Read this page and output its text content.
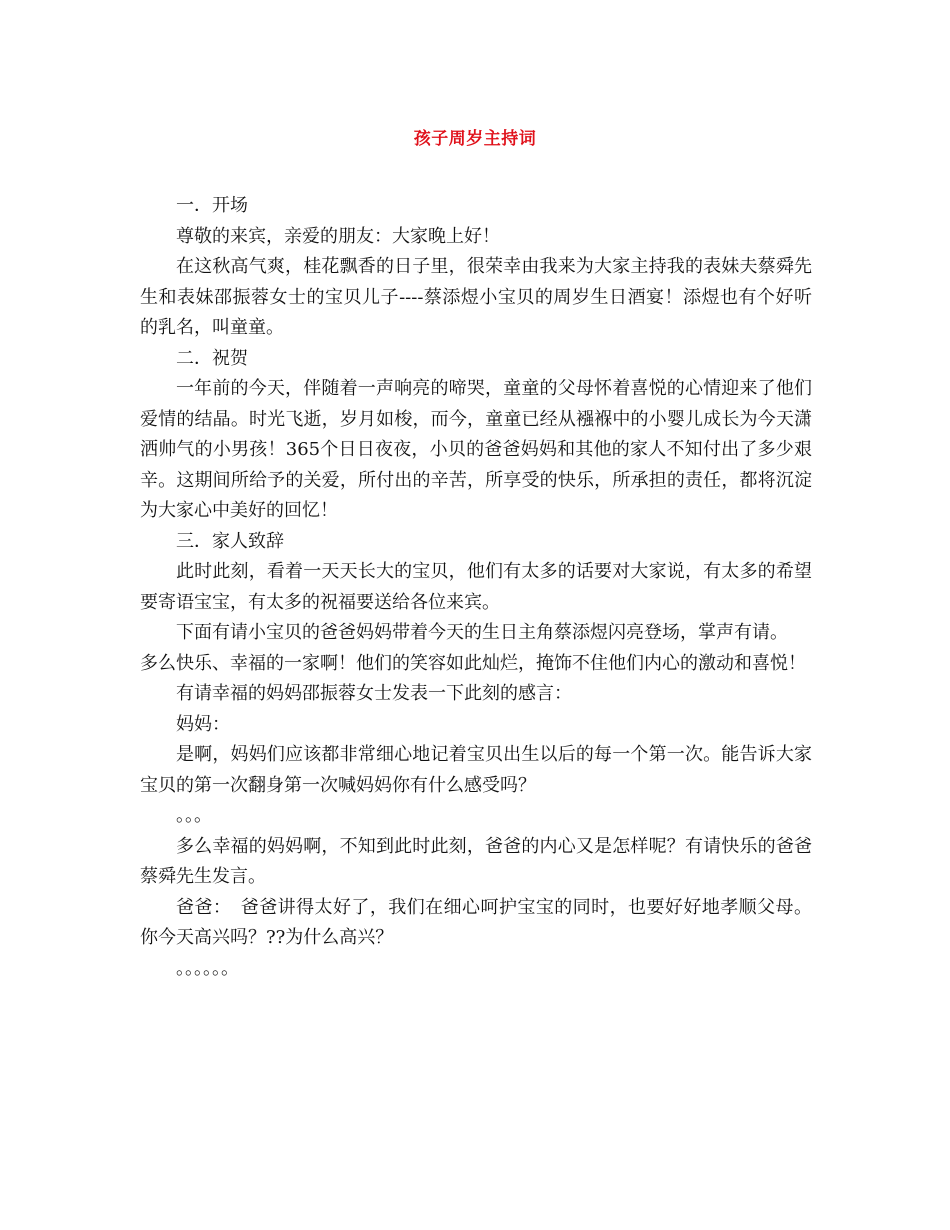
孩子周岁主持词

一．开场

尊敬的来宾，亲爱的朋友：大家晚上好！

在这秋高气爽，桂花飘香的日子里，很荣幸由我来为大家主持我的表妹夫蔡舜先生和表妹邵振蓉女士的宝贝儿子----蔡添煜小宝贝的周岁生日酒宴！添煜也有个好听的乳名，叫童童。

二．祝贺

一年前的今天，伴随着一声响亮的啼哭，童童的父母怀着喜悦的心情迎来了他们爱情的结晶。时光飞逝，岁月如梭，而今，童童已经从襁褓中的小婴儿成长为今天潇洒帅气的小男孩！365个日日夜夜，小贝的爸爸妈妈和其他的家人不知付出了多少艰辛。这期间所给予的关爱，所付出的辛苦，所享受的快乐，所承担的责任，都将沉淀为大家心中美好的回忆！

三．家人致辞

此时此刻，看着一天天长大的宝贝，他们有太多的话要对大家说，有太多的希望要寄语宝宝，有太多的祝福要送给各位来宾。

下面有请小宝贝的爸爸妈妈带着今天的生日主角蔡添煜闪亮登场，掌声有请。

多么快乐、幸福的一家啊！他们的笑容如此灿烂，掩饰不住他们内心的激动和喜悦！

有请幸福的妈妈邵振蓉女士发表一下此刻的感言：

妈妈：

是啊，妈妈们应该都非常细心地记着宝贝出生以后的每一个第一次。能告诉大家宝贝的第一次翻身第一次喊妈妈你有什么感受吗？

。。。

多么幸福的妈妈啊，不知到此时此刻，爸爸的内心又是怎样呢？有请快乐的爸爸蔡舜先生发言。

爸爸：　爸爸讲得太好了，我们在细心呵护宝宝的同时，也要好好地孝顺父母。你今天高兴吗？??为什么高兴？

。。。。。。
